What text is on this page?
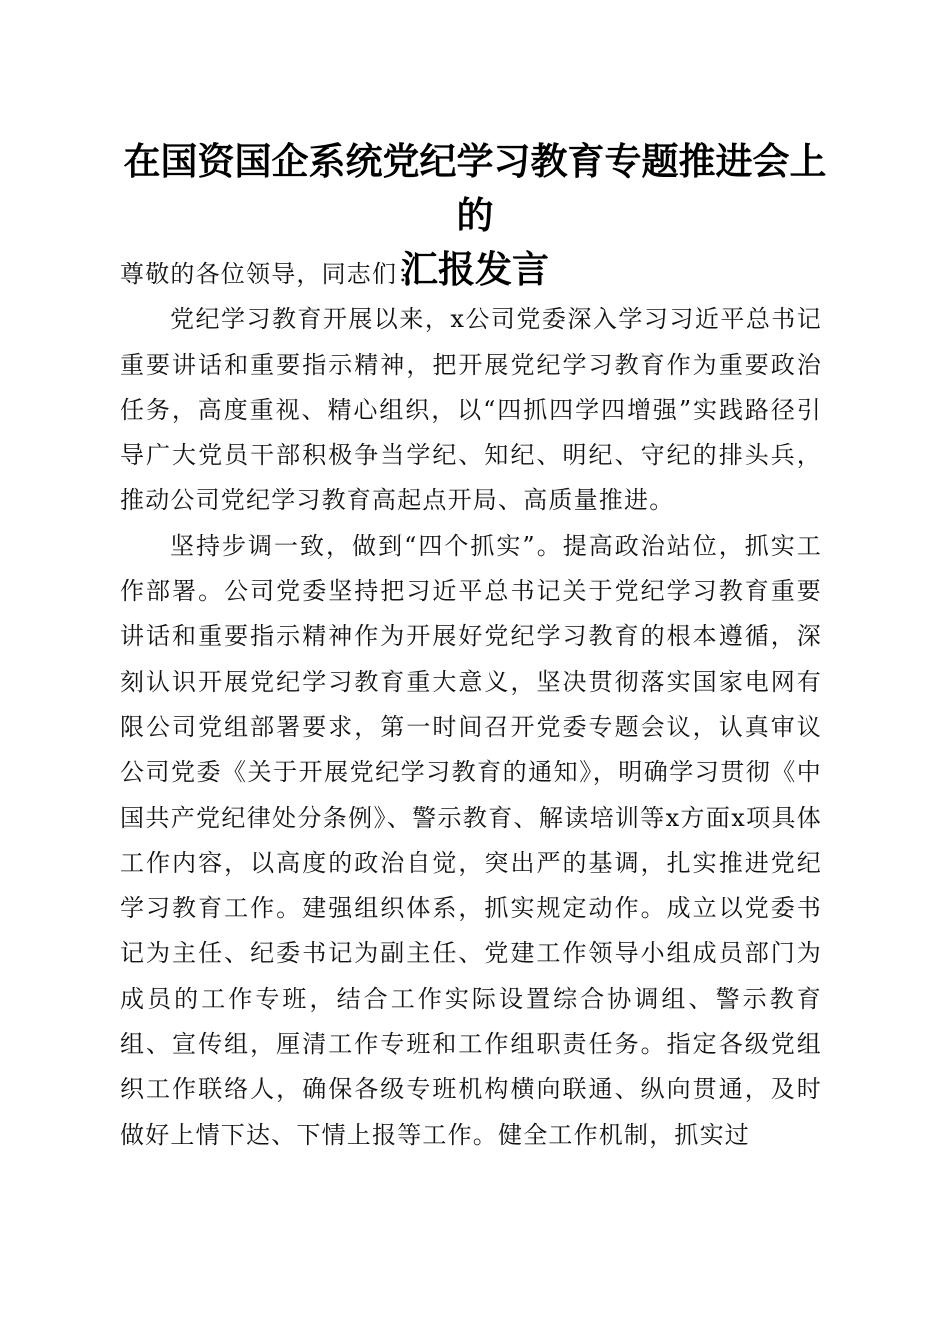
在国资国企系统党纪学习教育专题推进会上的
汇报发言

尊敬的各位领导，同志们：

党纪学习教育开展以来，x公司党委深入学习习近平总书记重要讲话和重要指示精神，把开展党纪学习教育作为重要政治任务，高度重视、精心组织，以“四抓四学四增强”实践路径引导广大党员干部积极争当学纪、知纪、明纪、守纪的排头兵，推动公司党纪学习教育高起点开局、高质量推进。

坚持步调一致，做到“四个抓实”。提高政治站位，抓实工作部署。公司党委坚持把习近平总书记关于党纪学习教育重要讲话和重要指示精神作为开展好党纪学习教育的根本遵循，深刻认识开展党纪学习教育重大意义，坚决贯彻落实国家电网有限公司党组部署要求，第一时间召开党委专题会议，认真审议公司党委《关于开展党纪学习教育的通知》，明确学习贯彻《中国共产党纪律处分条例》、警示教育、解读培训等x方面x项具体工作内容，以高度的政治自觉，突出严的基调，扎实推进党纪学习教育工作。建强组织体系，抓实规定动作。成立以党委书记为主任、纪委书记为副主任、党建工作领导小组成员部门为成员的工作专班，结合工作实际设置综合协调组、警示教育组、宣传组，厘清工作专班和工作组职责任务。指定各级党组织工作联络人，确保各级专班机构横向联通、纵向贯通，及时做好上情下达、下情上报等工作。健全工作机制，抓实过
